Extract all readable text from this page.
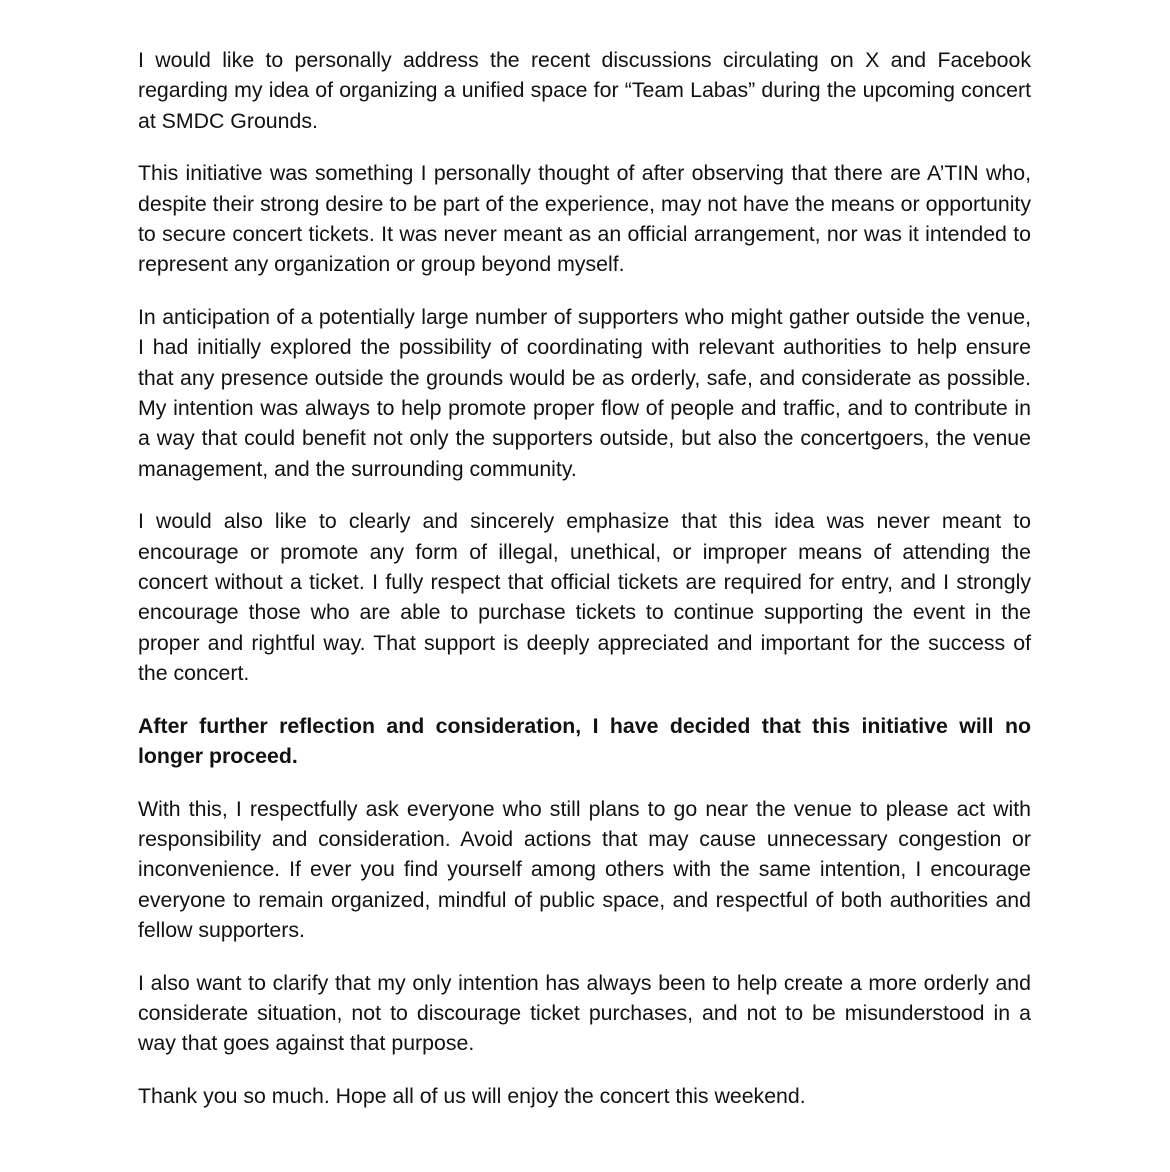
I would like to personally address the recent discussions circulating on X and Facebook regarding my idea of organizing a unified space for “Team Labas” during the upcoming concert at SMDC Grounds.

This initiative was something I personally thought of after observing that there are A’TIN who, despite their strong desire to be part of the experience, may not have the means or opportunity to secure concert tickets. It was never meant as an official arrangement, nor was it intended to represent any organization or group beyond myself.

In anticipation of a potentially large number of supporters who might gather outside the venue, I had initially explored the possibility of coordinating with relevant authorities to help ensure that any presence outside the grounds would be as orderly, safe, and considerate as possible. My intention was always to help promote proper flow of people and traffic, and to contribute in a way that could benefit not only the supporters outside, but also the concertgoers, the venue management, and the surrounding community.

I would also like to clearly and sincerely emphasize that this idea was never meant to encourage or promote any form of illegal, unethical, or improper means of attending the concert without a ticket. I fully respect that official tickets are required for entry, and I strongly encourage those who are able to purchase tickets to continue supporting the event in the proper and rightful way. That support is deeply appreciated and important for the success of the concert.

After further reflection and consideration, I have decided that this initiative will no longer proceed.

With this, I respectfully ask everyone who still plans to go near the venue to please act with responsibility and consideration. Avoid actions that may cause unnecessary congestion or inconvenience. If ever you find yourself among others with the same intention, I encourage everyone to remain organized, mindful of public space, and respectful of both authorities and fellow supporters.

I also want to clarify that my only intention has always been to help create a more orderly and considerate situation, not to discourage ticket purchases, and not to be misunderstood in a way that goes against that purpose.

Thank you so much. Hope all of us will enjoy the concert this weekend.
